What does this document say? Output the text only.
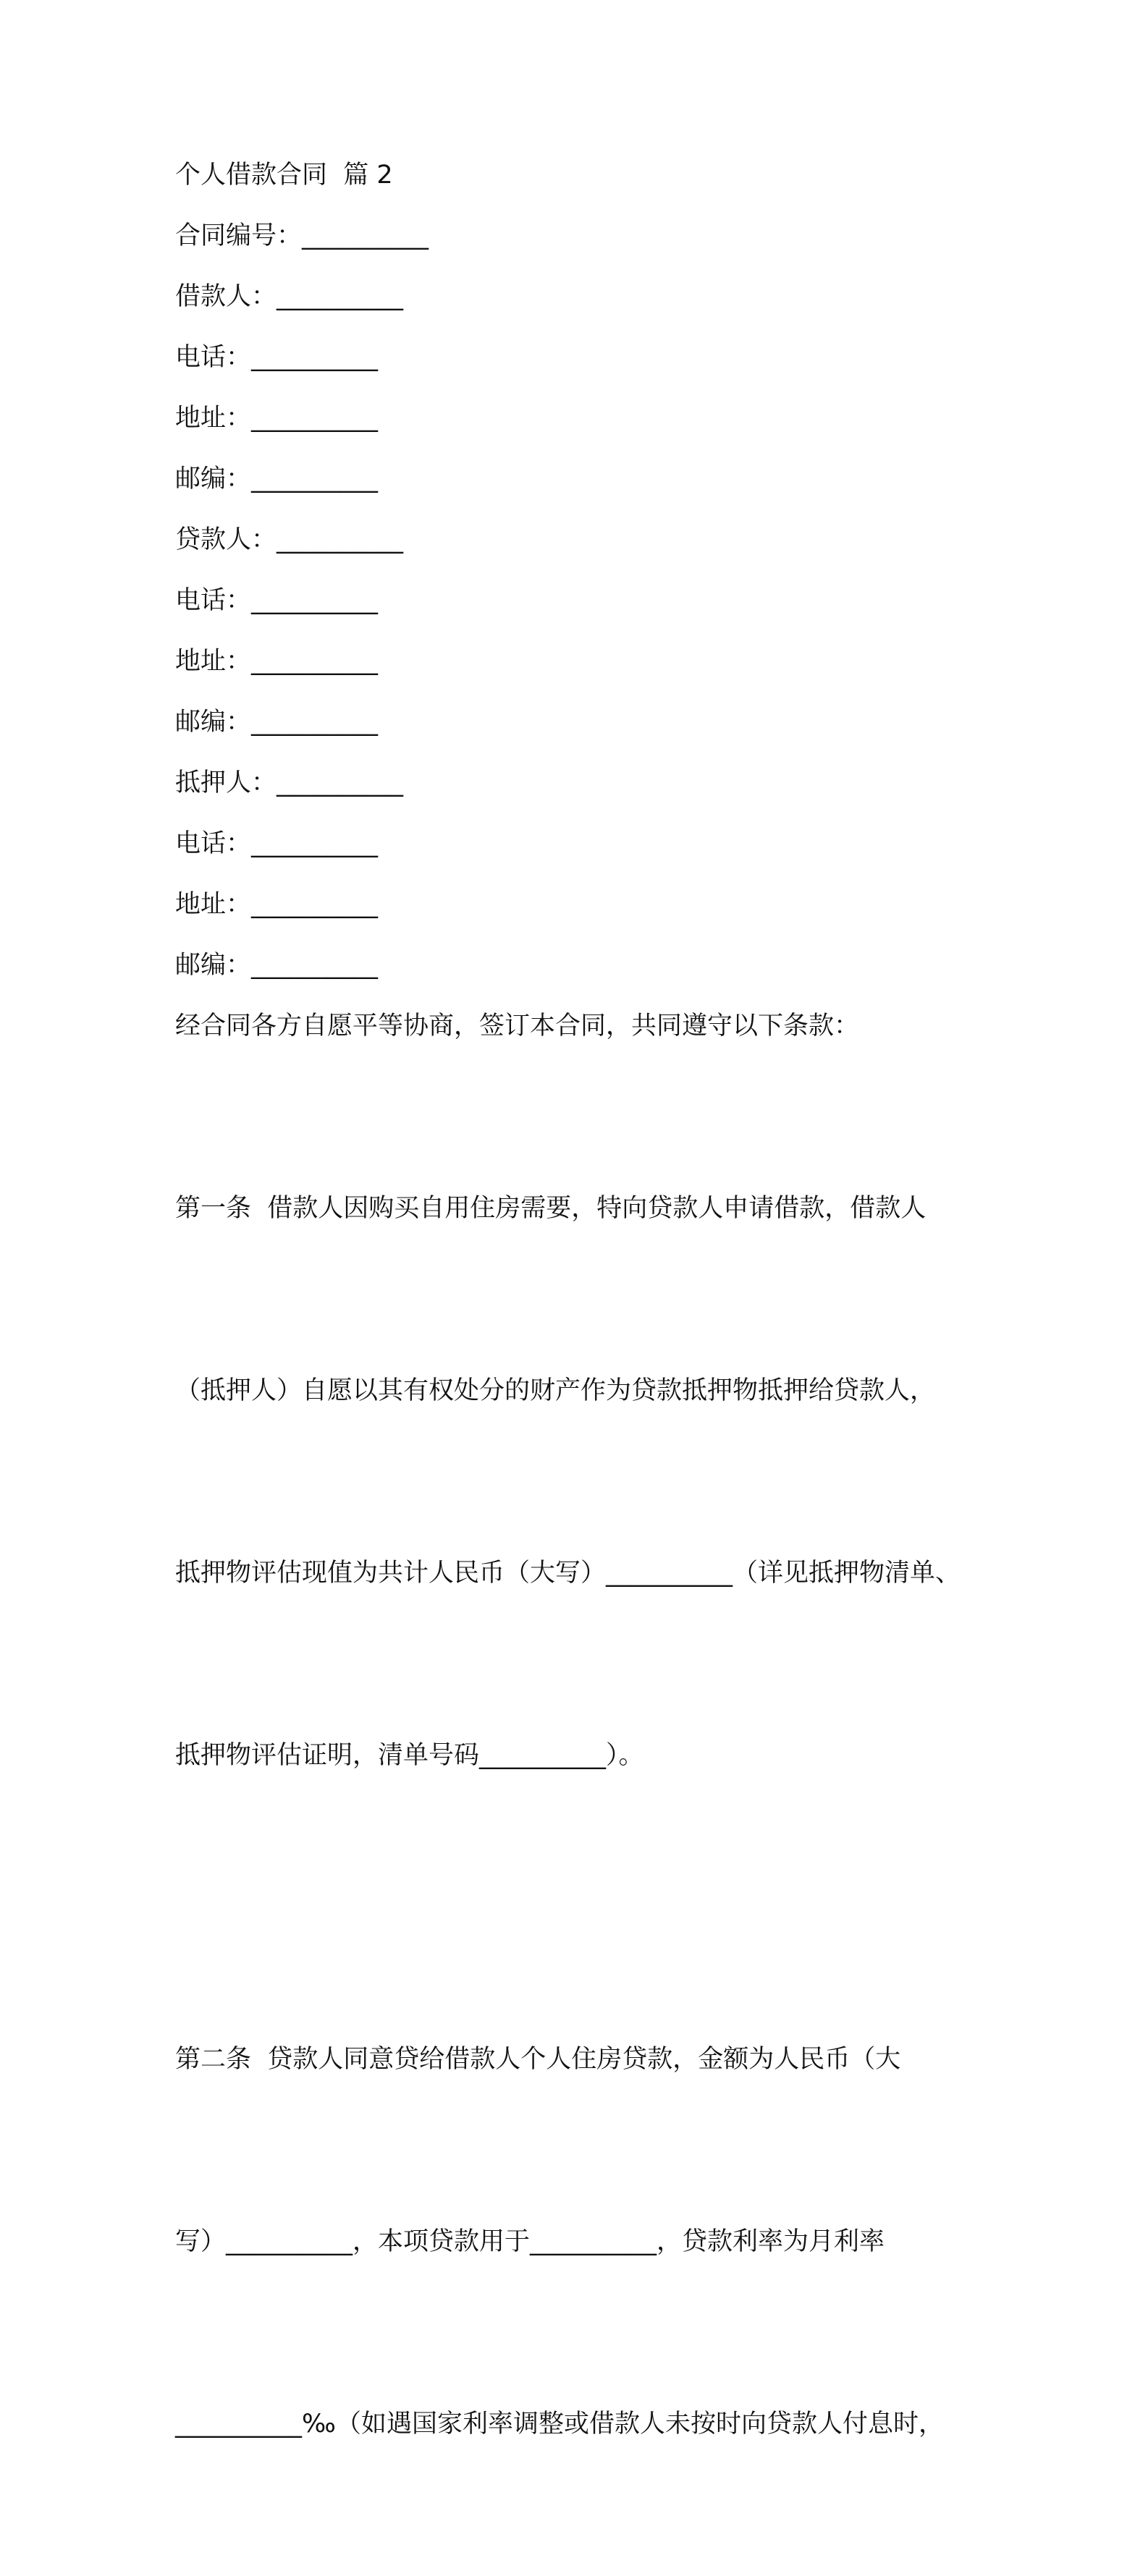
个人借款合同  篇 2
合同编号：__________
借款人：__________
电话：__________
地址：__________
邮编：__________
贷款人：__________
电话：__________
地址：__________
邮编：__________
抵押人：__________
电话：__________
地址：__________
邮编：__________
经合同各方自愿平等协商，签订本合同，共同遵守以下条款：

第一条  借款人因购买自用住房需要，特向贷款人申请借款，借款人

（抵押人）自愿以其有权处分的财产作为贷款抵押物抵押给贷款人，

抵押物评估现值为共计人民币（大写）__________（详见抵押物清单、

抵押物评估证明，清单号码__________）。

第二条  贷款人同意贷给借款人个人住房贷款，金额为人民币（大

写）__________，本项贷款用于__________，贷款利率为月利率

__________‰（如遇国家利率调整或借款人未按时向贷款人付息时，
